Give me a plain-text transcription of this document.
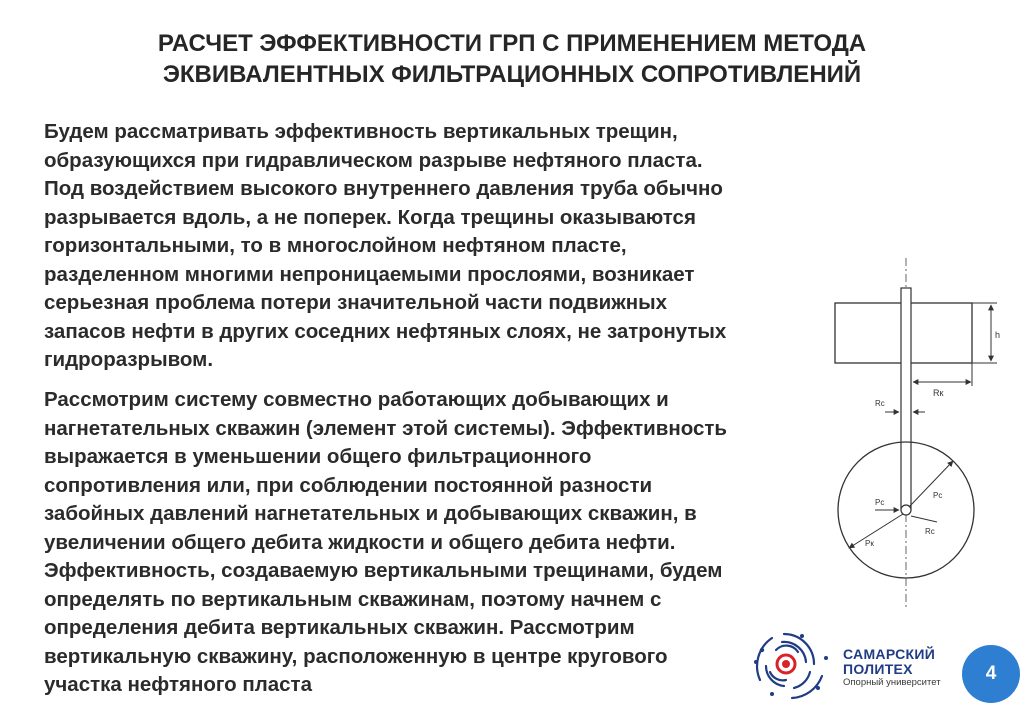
РАСЧЕТ ЭФФЕКТИВНОСТИ ГРП С ПРИМЕНЕНИЕМ МЕТОДА
ЭКВИВАЛЕНТНЫХ ФИЛЬТРАЦИОННЫХ СОПРОТИВЛЕНИЙ
Будем рассматривать эффективность вертикальных трещин,
образующихся при гидравлическом разрыве нефтяного пласта.
Под воздействием высокого внутреннего давления труба обычно
разрывается вдоль, а не поперек. Когда трещины оказываются
горизонтальными, то в многослойном нефтяном пласте,
разделенном многими непроницаемыми прослоями, возникает
серьезная проблема потери значительной части подвижных
запасов нефти в других соседних нефтяных слоях, не затронутых
гидроразрывом.
Рассмотрим систему совместно работающих добывающих и
нагнетательных скважин (элемент этой системы). Эффективность
выражается в уменьшении общего фильтрационного
сопротивления или, при соблюдении постоянной разности
забойных давлений нагнетательных и добывающих скважин, в
увеличении общего дебита жидкости и общего дебита нефти.
Эффективность, создаваемую вертикальными трещинами, будем
определять по вертикальным скважинам, поэтому начнем с
определения дебита вертикальных скважин. Рассмотрим
вертикальную скважину, расположенную в центре кругового
участка нефтяного пласта
h
Rк
Rc
Pc
Pc
Rc
Pк
САМАРСКИЙ
ПОЛИТЕХ
Опорный университет	4
